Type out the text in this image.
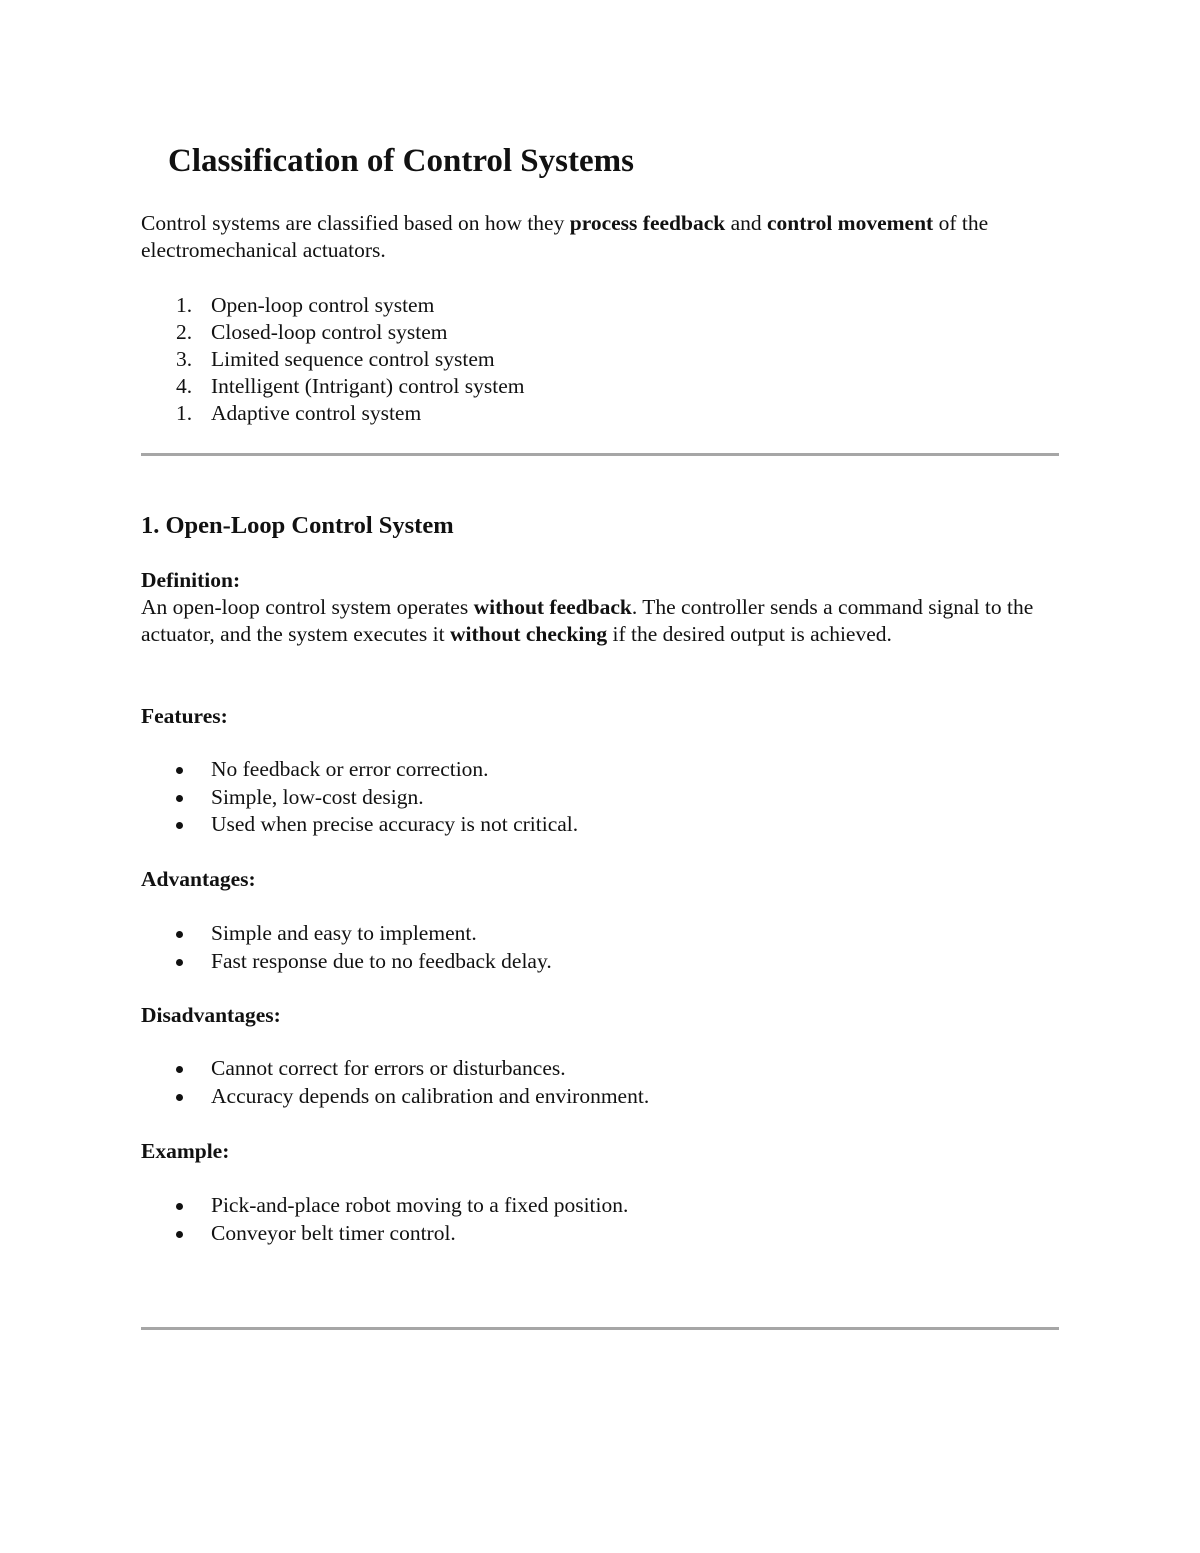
Classification of Control Systems

Control systems are classified based on how they process feedback and control movement of the electromechanical actuators.

1. Open-loop control system
2. Closed-loop control system
3. Limited sequence control system
4. Intelligent (Intrigant) control system
1. Adaptive control system
1. Open-Loop Control System

Definition:

An open-loop control system operates without feedback. The controller sends a command signal to the actuator, and the system executes it without checking if the desired output is achieved.

Features:

No feedback or error correction.
Simple, low-cost design.
Used when precise accuracy is not critical.

Advantages:

Simple and easy to implement.
Fast response due to no feedback delay.

Disadvantages:

Cannot correct for errors or disturbances.
Accuracy depends on calibration and environment.

Example:

Pick-and-place robot moving to a fixed position.
Conveyor belt timer control.
